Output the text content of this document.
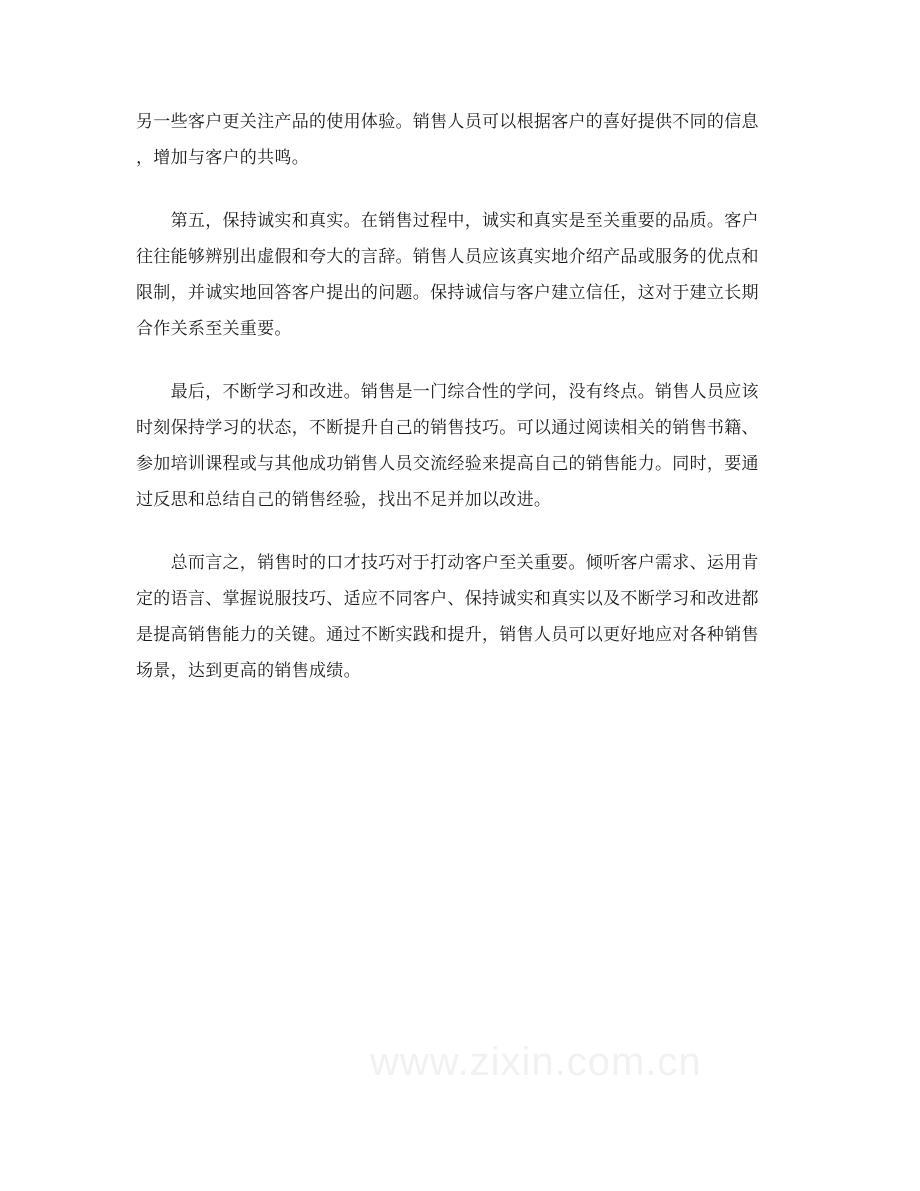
另一些客户更关注产品的使用体验。销售人员可以根据客户的喜好提供不同的信息
，增加与客户的共鸣。

　　第五，保持诚实和真实。在销售过程中，诚实和真实是至关重要的品质。客户
往往能够辨别出虚假和夸大的言辞。销售人员应该真实地介绍产品或服务的优点和
限制，并诚实地回答客户提出的问题。保持诚信与客户建立信任，这对于建立长期
合作关系至关重要。

　　最后，不断学习和改进。销售是一门综合性的学问，没有终点。销售人员应该
时刻保持学习的状态，不断提升自己的销售技巧。可以通过阅读相关的销售书籍、
参加培训课程或与其他成功销售人员交流经验来提高自己的销售能力。同时，要通
过反思和总结自己的销售经验，找出不足并加以改进。

　　总而言之，销售时的口才技巧对于打动客户至关重要。倾听客户需求、运用肯
定的语言、掌握说服技巧、适应不同客户、保持诚实和真实以及不断学习和改进都
是提高销售能力的关键。通过不断实践和提升，销售人员可以更好地应对各种销售
场景，达到更高的销售成绩。

www.zixin.com.cn
